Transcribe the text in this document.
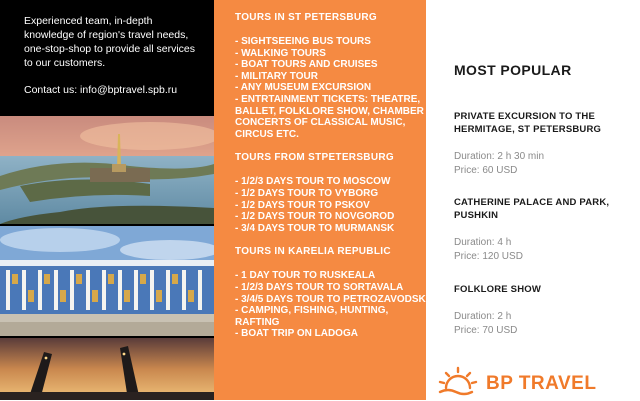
Experienced team, in-depth knowledge of region's travel needs, one-stop-shop to provide all services to our customers.

Contact us: info@bptravel.spb.ru

TOURS IN ST PETERSBURG
- SIGHTSEEING BUS TOURS
- WALKING TOURS
- BOAT TOURS AND CRUISES
- MILITARY TOUR
- ANY MUSEUM EXCURSION
- ENTRTAINMENT TICKETS: THEATRE, BALLET, FOLKLORE SHOW, CHAMBER CONCERTS OF CLASSICAL MUSIC, CIRCUS ETC.
TOURS FROM STPETERSBURG
- 1/2/3 DAYS TOUR TO MOSCOW
- 1/2 DAYS TOUR TO VYBORG
- 1/2 DAYS TOUR TO PSKOV
- 1/2 DAYS TOUR TO NOVGOROD
- 3/4 DAYS TOUR TO MURMANSK
TOURS IN KARELIA REPUBLIC
- 1 DAY TOUR TO RUSKEALA
- 1/2/3 DAYS TOUR TO SORTAVALA
- 3/4/5 DAYS TOUR TO PETROZAVODSK
- CAMPING, FISHING, HUNTING, RAFTING
- BOAT TRIP ON LADOGA
MOST POPULAR
PRIVATE EXCURSION TO THE HERMITAGE, ST PETERSBURG
Duration: 2 h 30 min
Price: 60 USD
CATHERINE PALACE AND PARK, PUSHKIN
Duration: 4 h
Price: 120 USD
FOLKLORE SHOW
Duration: 2 h
Price: 70 USD
BP TRAVEL
